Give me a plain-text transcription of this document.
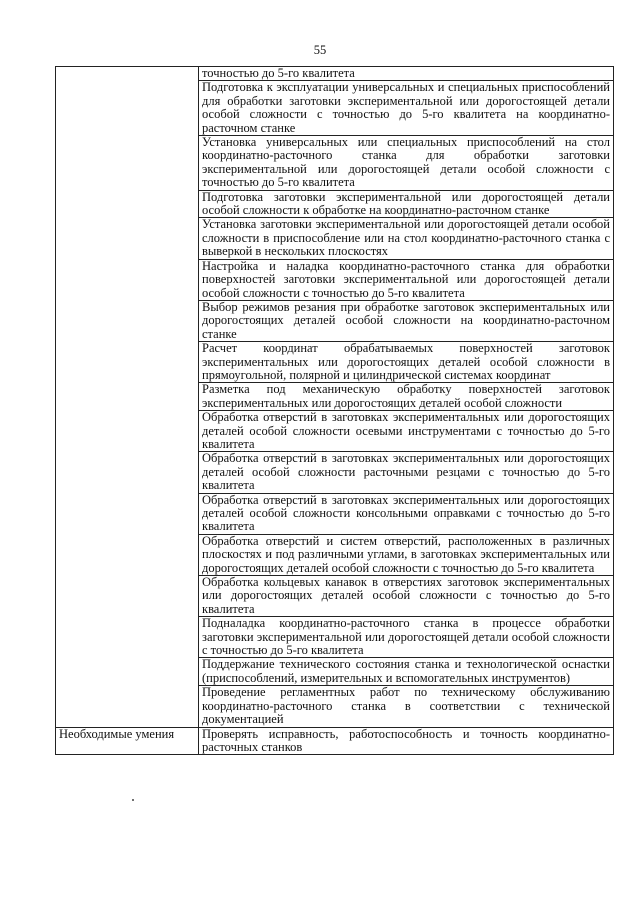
55
	точностью до 5-го квалитета
	Подготовка к эксплуатации универсальных и специальных приспособлений для обработки заготовки экспериментальной или дорогостоящей детали особой сложности с точностью до 5-го квалитета на координатно-расточном станке
	Установка универсальных или специальных приспособлений на стол координатно-расточного станка для обработки заготовки экспериментальной или дорогостоящей детали особой сложности с точностью до 5-го квалитета
	Подготовка заготовки экспериментальной или дорогостоящей детали особой сложности к обработке на координатно-расточном станке
	Установка заготовки экспериментальной или дорогостоящей детали особой сложности в приспособление или на стол координатно-расточного станка с выверкой в нескольких плоскостях
	Настройка и наладка координатно-расточного станка для обработки поверхностей заготовки экспериментальной или дорогостоящей детали особой сложности с точностью до 5-го квалитета
	Выбор режимов резания при обработке заготовок экспериментальных или дорогостоящих деталей особой сложности на координатно-расточном станке
	Расчет координат обрабатываемых поверхностей заготовок экспериментальных или дорогостоящих деталей особой сложности в прямоугольной, полярной и цилиндрической системах координат
	Разметка под механическую обработку поверхностей заготовок экспериментальных или дорогостоящих деталей особой сложности
	Обработка отверстий в заготовках экспериментальных или дорогостоящих деталей особой сложности осевыми инструментами с точностью до 5-го квалитета
	Обработка отверстий в заготовках экспериментальных или дорогостоящих деталей особой сложности расточными резцами с точностью до 5-го квалитета
	Обработка отверстий в заготовках экспериментальных или дорогостоящих деталей особой сложности консольными оправками с точностью до 5-го квалитета
	Обработка отверстий и систем отверстий, расположенных в различных плоскостях и под различными углами, в заготовках экспериментальных или дорогостоящих деталей особой сложности с точностью до 5-го квалитета
	Обработка кольцевых канавок в отверстиях заготовок экспериментальных или дорогостоящих деталей особой сложности с точностью до 5-го квалитета
	Подналадка координатно-расточного станка в процессе обработки заготовки экспериментальной или дорогостоящей детали особой сложности с точностью до 5-го квалитета
	Поддержание технического состояния станка и технологической оснастки (приспособлений, измерительных и вспомогательных инструментов)
	Проведение регламентных работ по техническому обслуживанию координатно-расточного станка в соответствии с технической документацией
Необходимые умения	Проверять исправность, работоспособность и точность координатно-расточных станков
